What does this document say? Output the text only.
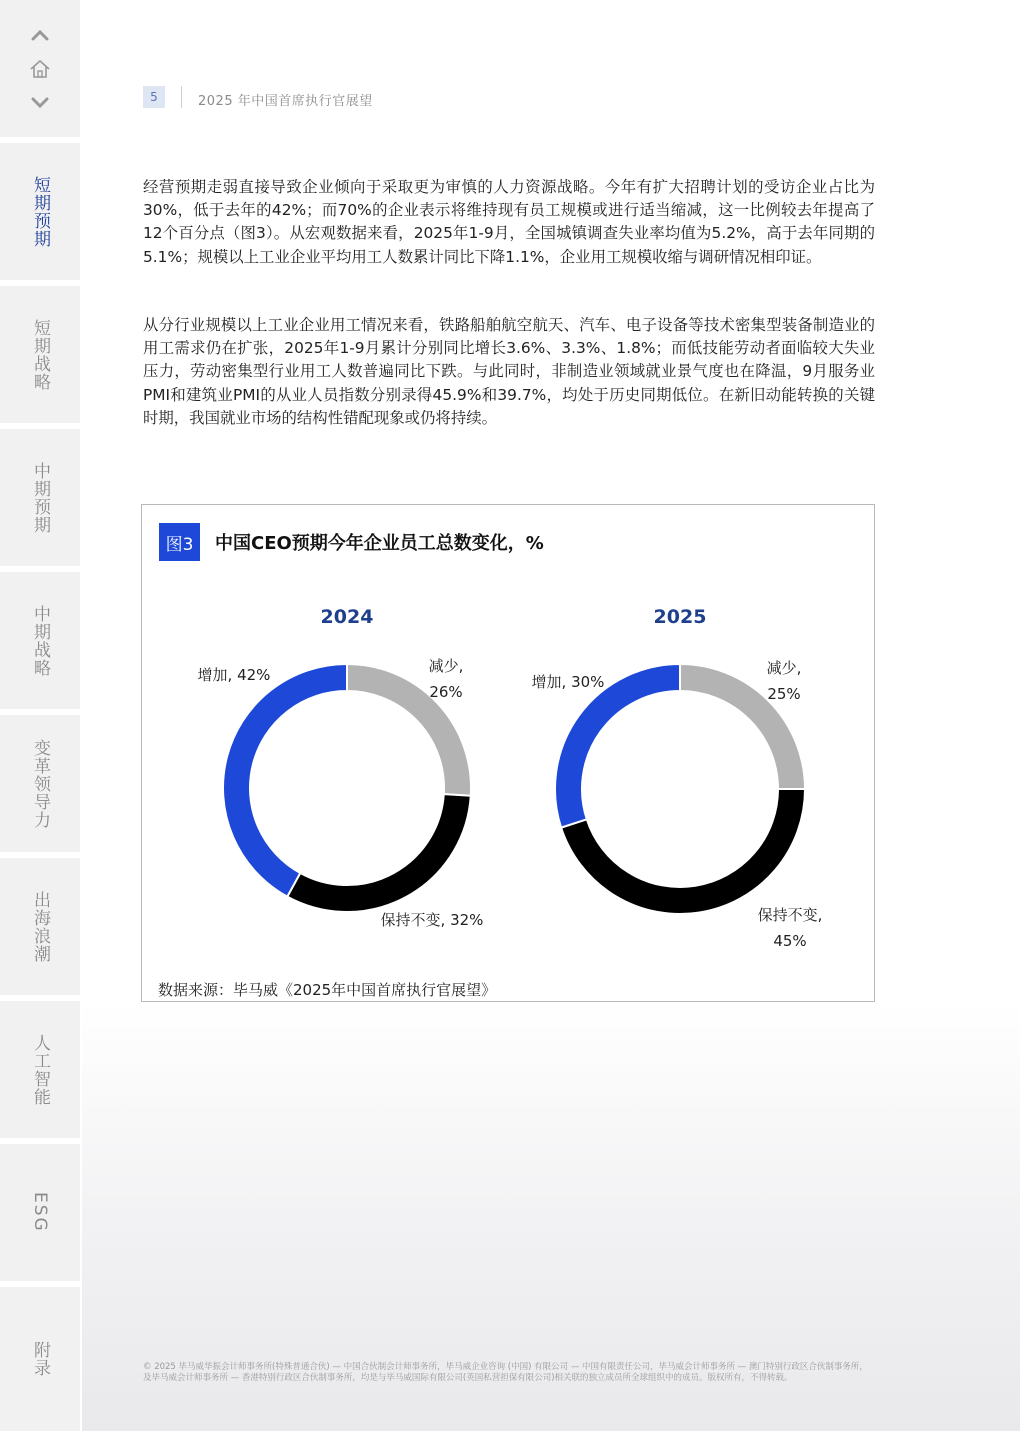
短期预期
短期战略
中期预期
中期战略
变革领导力
出海浪潮
人工智能
ESG
附录
5	2025 年中国首席执行官展望

经营预期走弱直接导致企业倾向于采取更为审慎的人力资源战略。今年有扩大招聘计划的受访企业占比为30%，低于去年的42%；而70%的企业表示将维持现有员工规模或进行适当缩减，这一比例较去年提高了12个百分点（图3）。从宏观数据来看，2025年1-9月，全国城镇调查失业率均值为5.2%，高于去年同期的5.1%；规模以上工业企业平均用工人数累计同比下降1.1%，企业用工规模收缩与调研情况相印证。

从分行业规模以上工业企业用工情况来看，铁路船舶航空航天、汽车、电子设备等技术密集型装备制造业的用工需求仍在扩张，2025年1-9月累计分别同比增长3.6%、3.3%、1.8%；而低技能劳动者面临较大失业压力，劳动密集型行业用工人数普遍同比下跌。与此同时，非制造业领域就业景气度也在降温，9月服务业PMI和建筑业PMI的从业人员指数分别录得45.9%和39.7%，均处于历史同期低位。在新旧动能转换的关键时期，我国就业市场的结构性错配现象或仍将持续。

图3	中国CEO预期今年企业员工总数变化，%
2024
减少, 26%
保持不变, 32%
增加, 42%
2025
减少, 25%
保持不变, 45%
增加, 30%
数据来源：毕马威《2025年中国首席执行官展望》
© 2025 毕马威华振会计师事务所(特殊普通合伙) — 中国合伙制会计师事务所，毕马威企业咨询 (中国) 有限公司 — 中国有限责任公司，毕马威会计师事务所 — 澳门特别行政区合伙制事务所，及毕马威会计师事务所 — 香港特别行政区合伙制事务所，均是与毕马威国际有限公司(英国私营担保有限公司)相关联的独立成员所全球组织中的成员。版权所有，不得转载。
